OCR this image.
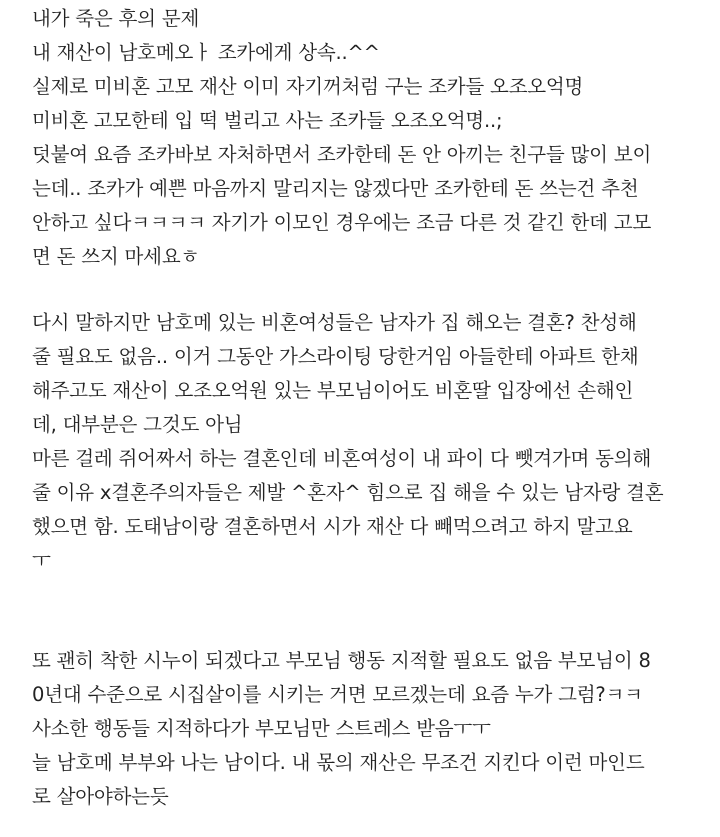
내가 죽은 후의 문제
내 재산이 남호메오ㅏ 조카에게 상속..^^
실제로 미비혼 고모 재산 이미 자기꺼처럼 구는 조카들 오조오억명
미비혼 고모한테 입 떡 벌리고 사는 조카들 오조오억명..;
덧붙여 요즘 조카바보 자처하면서 조카한테 돈 안 아끼는 친구들 많이 보이
는데.. 조카가 예쁜 마음까지 말리지는 않겠다만 조카한테 돈 쓰는건 추천
안하고 싶다ㅋㅋㅋㅋ 자기가 이모인 경우에는 조금 다른 것 같긴 한데 고모
면 돈 쓰지 마세요ㅎ
다시 말하지만 남호메 있는 비혼여성들은 남자가 집 해오는 결혼? 찬성해
줄 필요도 없음.. 이거 그동안 가스라이팅 당한거임 아들한테 아파트 한채
해주고도 재산이 오조오억원 있는 부모님이어도 비혼딸 입장에선 손해인
데, 대부분은 그것도 아님
마른 걸레 쥐어짜서 하는 결혼인데 비혼여성이 내 파이 다 뺏겨가며 동의해
줄 이유 x결혼주의자들은 제발 ^혼자^ 힘으로 집 해을 수 있는 남자랑 결혼
했으면 함. 도태남이랑 결혼하면서 시가 재산 다 빼먹으려고 하지 말고요
ㅜ
또 괜히 착한 시누이 되겠다고 부모님 행동 지적할 필요도 없음 부모님이 8
0년대 수준으로 시집살이를 시키는 거면 모르겠는데 요즘 누가 그럼?ㅋㅋ
사소한 행동들 지적하다가 부모님만 스트레스 받음ㅜㅜ
늘 남호메 부부와 나는 남이다. 내 몫의 재산은 무조건 지킨다 이런 마인드
로 살아야하는듯
